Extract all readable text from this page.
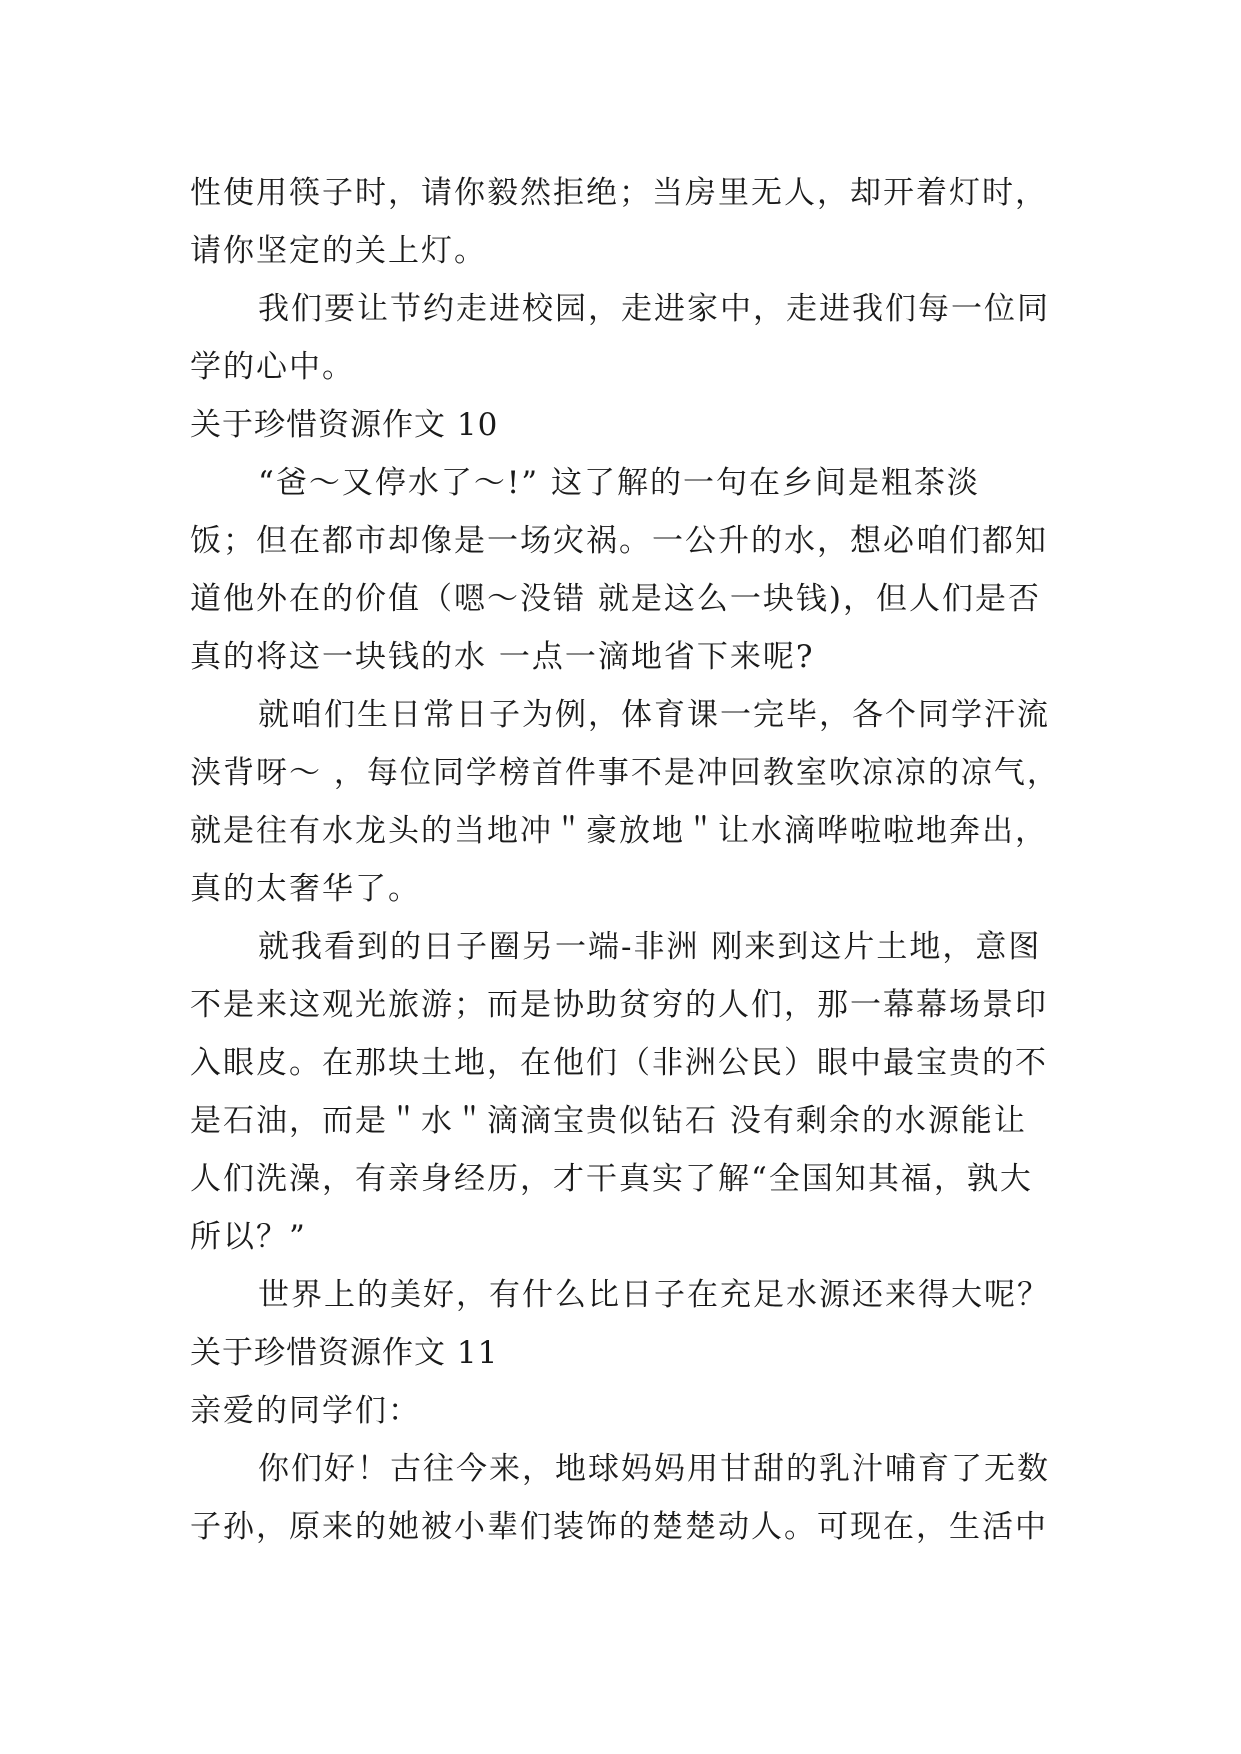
性使用筷子时，请你毅然拒绝；当房里无人，却开着灯时，
请你坚定的关上灯。
我们要让节约走进校园，走进家中，走进我们每一位同
学的心中。
关于珍惜资源作文 10
“爸～又停水了～!” 这了解的一句在乡间是粗茶淡
饭；但在都市却像是一场灾祸。一公升的水，想必咱们都知
道他外在的价值（嗯～没错 就是这么一块钱)，但人们是否
真的将这一块钱的水 一点一滴地省下来呢?
就咱们生日常日子为例，体育课一完毕，各个同学汗流
浃背呀～ ，每位同学榜首件事不是冲回教室吹凉凉的凉气，
就是往有水龙头的当地冲＂豪放地＂让水滴哗啦啦地奔出，
真的太奢华了。
就我看到的日子圈另一端-非洲 刚来到这片土地，意图
不是来这观光旅游；而是协助贫穷的人们，那一幕幕场景印
入眼皮。在那块土地，在他们（非洲公民）眼中最宝贵的不
是石油，而是＂水＂滴滴宝贵似钻石 没有剩余的水源能让
人们洗澡，有亲身经历，才干真实了解“全国知其福，孰大
所以？”
世界上的美好，有什么比日子在充足水源还来得大呢？
关于珍惜资源作文 11
亲爱的同学们：
你们好！古往今来，地球妈妈用甘甜的乳汁哺育了无数
子孙，原来的她被小辈们装饰的楚楚动人。可现在，生活中
